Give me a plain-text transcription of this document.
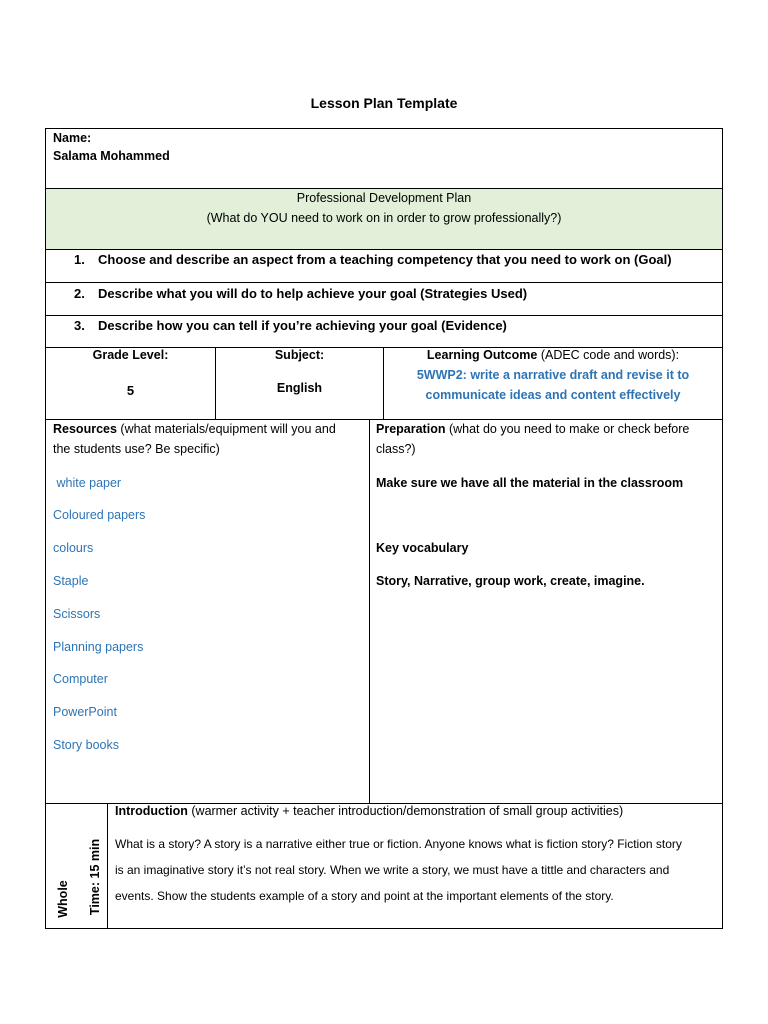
Lesson Plan Template
Name:
Salama Mohammed
Professional Development Plan
(What do YOU need to work on in order to grow professionally?)
1. Choose and describe an aspect from a teaching competency that you need to work on (Goal)
2. Describe what you will do to help achieve your goal (Strategies Used)
3. Describe how you can tell if you’re achieving your goal (Evidence)
Grade Level:
5
Subject:
English
Learning Outcome (ADEC code and words):
5WWP2: write a narrative draft and revise it to
communicate ideas and content effectively
Resources (what materials/equipment will you and
the students use? Be specific)
white paper
Coloured papers
colours
Staple
Scissors
Planning papers
Computer
PowerPoint
Story books
Preparation (what do you need to make or check before
class?)
Make sure we have all the material in the classroom
Key vocabulary
Story, Narrative, group work, create, imagine.
Whole Time: 15 min
Introduction (warmer activity + teacher introduction/demonstration of small group activities)
What is a story? A story is a narrative either true or fiction. Anyone knows what is fiction story? Fiction story
is an imaginative story it’s not real story. When we write a story, we must have a tittle and characters and
events. Show the students example of a story and point at the important elements of the story.
